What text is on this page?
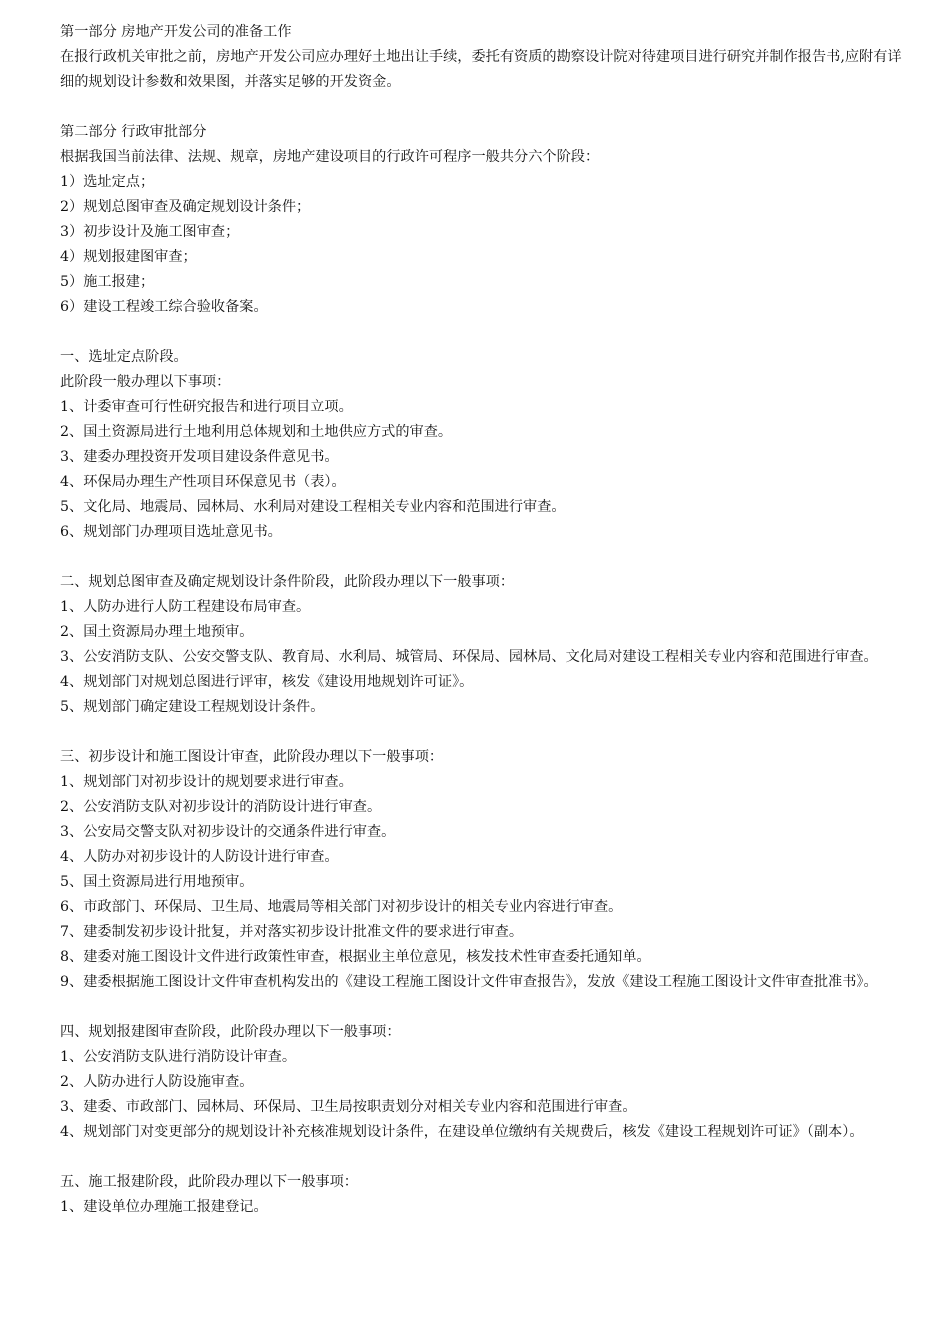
第一部分 房地产开发公司的准备工作
在报行政机关审批之前，房地产开发公司应办理好土地出让手续，委托有资质的勘察设计院对待建项目进行研究并制作报告书,应附有详细的规划设计参数和效果图，并落实足够的开发资金。
第二部分 行政审批部分
根据我国当前法律、法规、规章，房地产建设项目的行政许可程序一般共分六个阶段：
1）选址定点；
2）规划总图审查及确定规划设计条件；
3）初步设计及施工图审查；
4）规划报建图审查；
5）施工报建；
6）建设工程竣工综合验收备案。
一、选址定点阶段。
此阶段一般办理以下事项：
1、计委审查可行性研究报告和进行项目立项。
2、国土资源局进行土地利用总体规划和土地供应方式的审查。
3、建委办理投资开发项目建设条件意见书。
4、环保局办理生产性项目环保意见书（表）。
5、文化局、地震局、园林局、水利局对建设工程相关专业内容和范围进行审查。
6、规划部门办理项目选址意见书。
二、规划总图审查及确定规划设计条件阶段，此阶段办理以下一般事项：
1、人防办进行人防工程建设布局审查。
2、国土资源局办理土地预审。
3、公安消防支队、公安交警支队、教育局、水利局、城管局、环保局、园林局、文化局对建设工程相关专业内容和范围进行审查。
4、规划部门对规划总图进行评审，核发《建设用地规划许可证》。
5、规划部门确定建设工程规划设计条件。
三、初步设计和施工图设计审查，此阶段办理以下一般事项：
1、规划部门对初步设计的规划要求进行审查。
2、公安消防支队对初步设计的消防设计进行审查。
3、公安局交警支队对初步设计的交通条件进行审查。
4、人防办对初步设计的人防设计进行审查。
5、国土资源局进行用地预审。
6、市政部门、环保局、卫生局、地震局等相关部门对初步设计的相关专业内容进行审查。
7、建委制发初步设计批复，并对落实初步设计批准文件的要求进行审查。
8、建委对施工图设计文件进行政策性审查，根据业主单位意见，核发技术性审查委托通知单。
9、建委根据施工图设计文件审查机构发出的《建设工程施工图设计文件审查报告》，发放《建设工程施工图设计文件审查批准书》。
四、规划报建图审查阶段，此阶段办理以下一般事项：
1、公安消防支队进行消防设计审查。
2、人防办进行人防设施审查。
3、建委、市政部门、园林局、环保局、卫生局按职责划分对相关专业内容和范围进行审查。
4、规划部门对变更部分的规划设计补充核准规划设计条件，在建设单位缴纳有关规费后，核发《建设工程规划许可证》（副本）。
五、施工报建阶段，此阶段办理以下一般事项：
1、建设单位办理施工报建登记。
